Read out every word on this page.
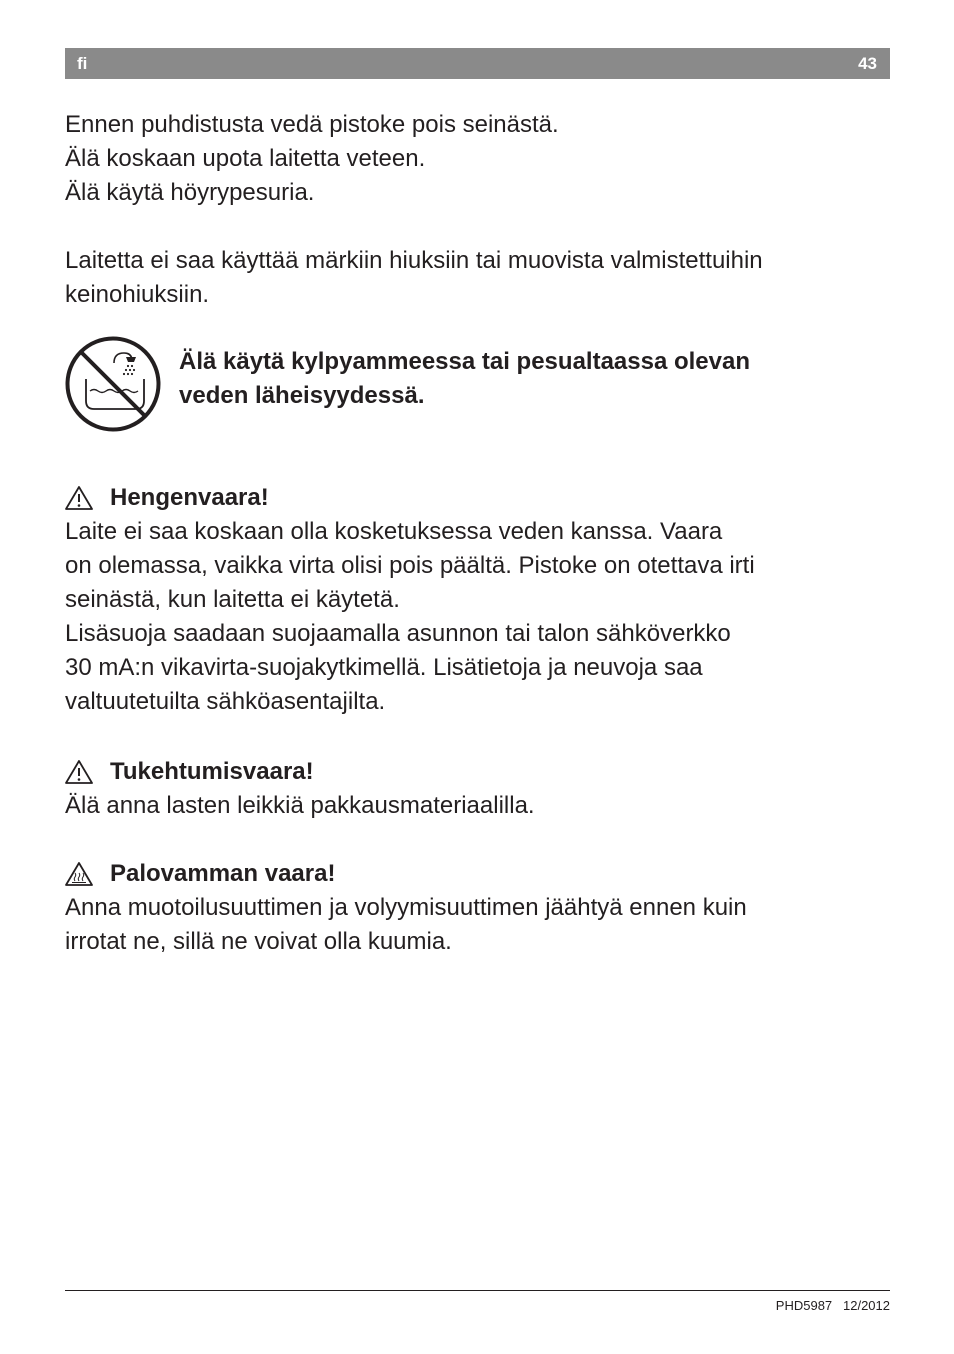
fi	43
Ennen puhdistusta vedä pistoke pois seinästä.
Älä koskaan upota laitetta veteen.
Älä käytä höyrypesuria.
Laitetta ei saa käyttää märkiin hiuksiin tai muovista valmistettuihin
keinohiuksiin.
Älä käytä kylpyammeessa tai pesualtaassa olevan
veden läheisyydessä.
Hengenvaara!
Laite ei saa koskaan olla kosketuksessa veden kanssa. Vaara
on olemassa, vaikka virta olisi pois päältä. Pistoke on otettava irti
seinästä, kun laitetta ei käytetä.
Lisäsuoja saadaan suojaamalla asunnon tai talon sähköverkko
30 mA:n vikavirta-suojakytkimellä. Lisätietoja ja neuvoja saa
valtuutetuilta sähköasentajilta.
Tukehtumisvaara!
Älä anna lasten leikkiä pakkausmateriaalilla.
Palovamman vaara!
Anna muotoilusuuttimen ja volyymisuuttimen jäähtyä ennen kuin
irrotat ne, sillä ne voivat olla kuumia.
PHD5987 12/2012
